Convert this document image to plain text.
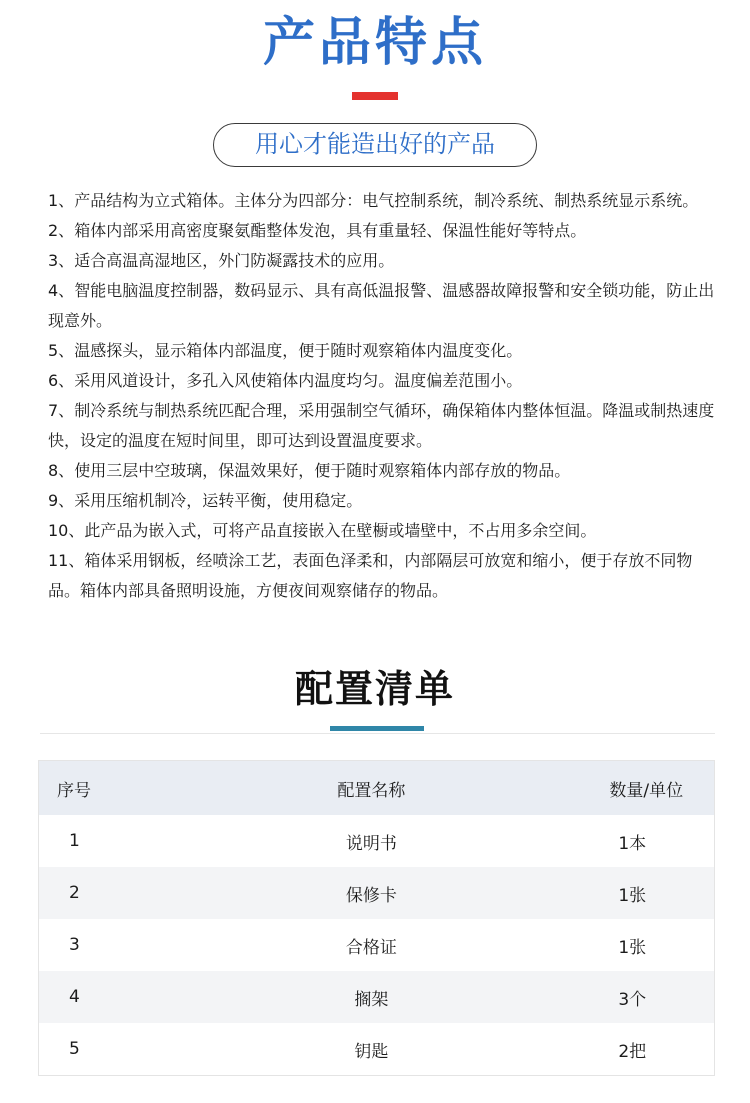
产品特点
用心才能造出好的产品
1、产品结构为立式箱体。主体分为四部分：电气控制系统，制冷系统、制热系统显示系统。
2、箱体内部采用高密度聚氨酯整体发泡，具有重量轻、保温性能好等特点。
3、适合高温高湿地区，外门防凝露技术的应用。
4、智能电脑温度控制器，数码显示、具有高低温报警、温感器故障报警和安全锁功能，防止出现意外。
5、温感探头，显示箱体内部温度，便于随时观察箱体内温度变化。
6、采用风道设计，多孔入风使箱体内温度均匀。温度偏差范围小。
7、制冷系统与制热系统匹配合理，采用强制空气循环，确保箱体内整体恒温。降温或制热速度快，设定的温度在短时间里，即可达到设置温度要求。
8、使用三层中空玻璃，保温效果好，便于随时观察箱体内部存放的物品。
9、采用压缩机制冷，运转平衡，使用稳定。
10、此产品为嵌入式，可将产品直接嵌入在壁橱或墙壁中，不占用多余空间。
11、箱体采用钢板，经喷涂工艺，表面色泽柔和，内部隔层可放宽和缩小，便于存放不同物品。箱体内部具备照明设施，方便夜间观察储存的物品。
配置清单
序号	配置名称	数量/单位
1	说明书	1本
2	保修卡	1张
3	合格证	1张
4	搁架	3个
5	钥匙	2把
